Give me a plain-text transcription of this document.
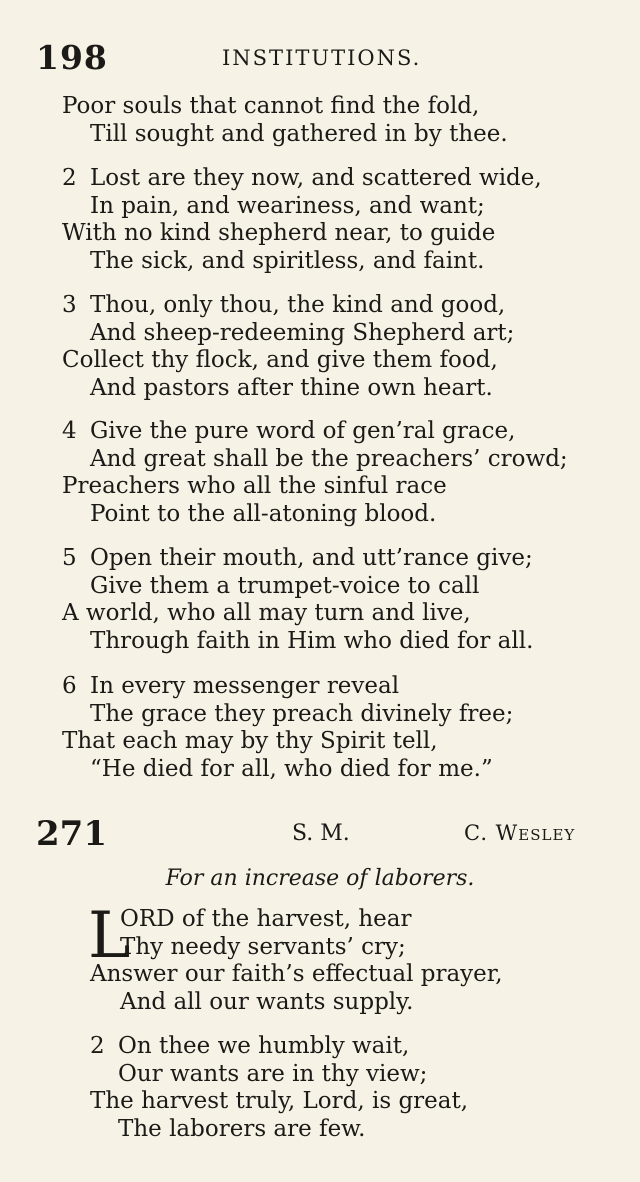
198	INSTITUTIONS.
Poor souls that cannot find the fold,
Till sought and gathered in by thee.
2 Lost are they now, and scattered wide,
In pain, and weariness, and want;
With no kind shepherd near, to guide
The sick, and spiritless, and faint.
3 Thou, only thou, the kind and good,
And sheep-redeeming Shepherd art;
Collect thy flock, and give them food,
And pastors after thine own heart.
4 Give the pure word of gen’ral grace,
And great shall be the preachers’ crowd;
Preachers who all the sinful race
Point to the all-atoning blood.
5 Open their mouth, and utt’rance give;
Give them a trumpet-voice to call
A world, who all may turn and live,
Through faith in Him who died for all.
6 In every messenger reveal
The grace they preach divinely free;
That each may by thy Spirit tell,
“He died for all, who died for me.”
271	S. M.	C. Wesley
For an increase of laborers.
L
ORD of the harvest, hear
Thy needy servants’ cry;
Answer our faith’s effectual prayer,
And all our wants supply.
2 On thee we humbly wait,
Our wants are in thy view;
The harvest truly, Lord, is great,
The laborers are few.
